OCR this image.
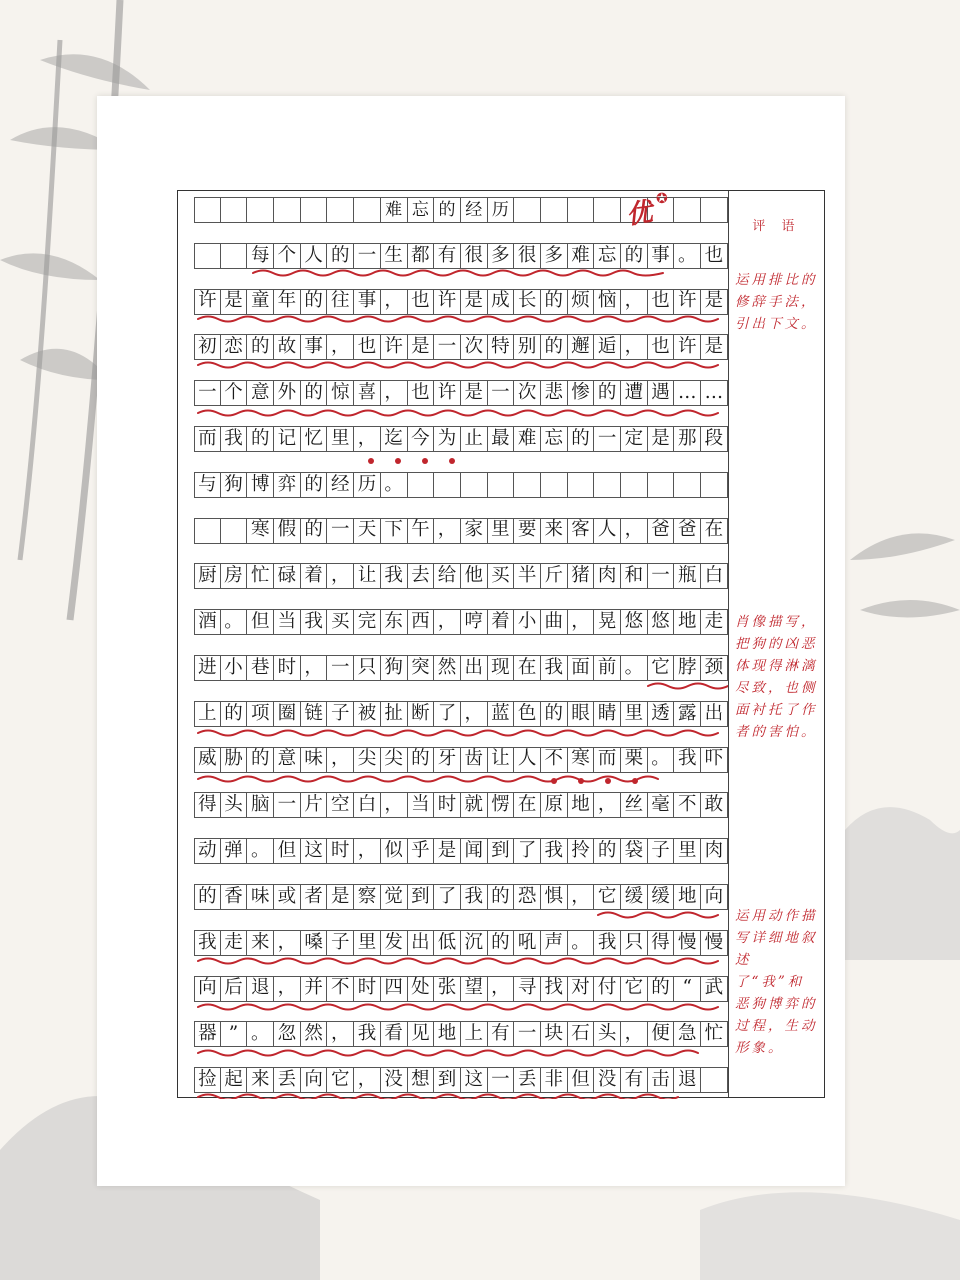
难 忘 的 经 历	优 ✪
每 个 人 的 一 生 都 有 很 多 很 多 难 忘 的 事 。 也
许 是 童 年 的 往 事 ， 也 许 是 成 长 的 烦 恼 ， 也 许 是
初 恋 的 故 事 ， 也 许 是 一 次 特 别 的 邂 逅 ， 也 许 是
一 个 意 外 的 惊 喜 ， 也 许 是 一 次 悲 惨 的 遭 遇 … …
而 我 的 记 忆 里 ， 迄 今 为 止 最 难 忘 的 一 定 是 那 段
与 狗 博 弈 的 经 历 。
寒 假 的 一 天 下 午 ， 家 里 要 来 客 人 ， 爸 爸 在
厨 房 忙 碌 着 ， 让 我 去 给 他 买 半 斤 猪 肉 和 一 瓶 白
酒 。 但 当 我 买 完 东 西 ， 哼 着 小 曲 ， 晃 悠 悠 地 走
进 小 巷 时 ， 一 只 狗 突 然 出 现 在 我 面 前 。 它 脖 颈
上 的 项 圈 链 子 被 扯 断 了 ， 蓝 色 的 眼 睛 里 透 露 出
威 胁 的 意 味 ， 尖 尖 的 牙 齿 让 人 不 寒 而 栗 。 我 吓
得 头 脑 一 片 空 白 ， 当 时 就 愣 在 原 地 ， 丝 毫 不 敢
动 弹 。 但 这 时 ， 似 乎 是 闻 到 了 我 拎 的 袋 子 里 肉
的 香 味 或 者 是 察 觉 到 了 我 的 恐 惧 ， 它 缓 缓 地 向
我 走 来 ， 嗓 子 里 发 出 低 沉 的 吼 声 。 我 只 得 慢 慢
向 后 退 ， 并 不 时 四 处 张 望 ， 寻 找 对 付 它 的 “ 武
器 ” 。 忽 然 ， 我 看 见 地 上 有 一 块 石 头 ， 便 急 忙
捡 起 来 丢 向 它 ， 没 想 到 这 一 丢 非 但 没 有 击 退
评 语
运用排比的修辞手法，引出下文。
肖像描写，把狗的凶恶体现得淋漓尽致，也侧面衬托了作者的害怕。
运用动作描写详细地叙述了“我”和恶狗博弈的过程，生动形象。
